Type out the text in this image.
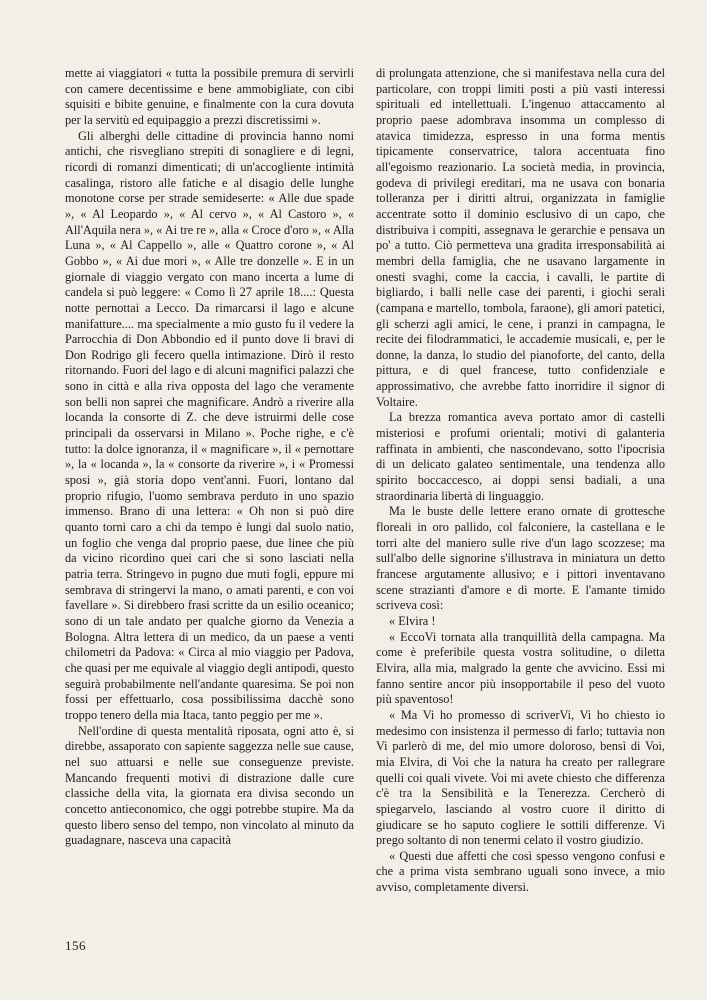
mette ai viaggiatori « tutta la possibile premura di servirli con camere decentissime e bene ammobigliate, con cibi squisiti e bibite genuine, e finalmente con la cura dovuta per la servitù ed equipaggio a prezzi discretissimi ».

Gli alberghi delle cittadine di provincia hanno nomi antichi, che risvegliano strepiti di sonagliere e di legni, ricordi di romanzi dimenticati; di un'accogliente intimità casalinga, ristoro alle fatiche e al disagio delle lunghe monotone corse per strade semideserte: « Alle due spade », « Al Leopardo », « Al cervo », « Al Castoro », « All'Aquila nera », « Ai tre re », alla « Croce d'oro », « Alla Luna », « Al Cappello », alle « Quattro corone », « Al Gobbo », « Ai due mori », « Alle tre donzelle ». E in un giornale di viaggio vergato con mano incerta a lume di candela si può leggere: « Como lì 27 aprile 18....: Questa notte pernottai a Lecco. Da rimarcarsi il lago e alcune manifatture.... ma specialmente a mio gusto fu il vedere la Parrocchia di Don Abbondio ed il punto dove li bravi di Don Rodrigo gli fecero quella intimazione. Dirò il resto ritornando. Fuori del lago e di alcuni magnifici palazzi che sono in città e alla riva opposta del lago che veramente son belli non saprei che magnificare. Andrò a riverire alla locanda la consorte di Z. che deve istruirmi delle cose principali da osservarsi in Milano ». Poche righe, e c'è tutto: la dolce ignoranza, il « magnificare », il « pernottare », la « locanda », la « consorte da riverire », i « Promessi sposi », già storia dopo vent'anni. Fuori, lontano dal proprio rifugio, l'uomo sembrava perduto in uno spazio immenso. Brano di una lettera: « Oh non si può dire quanto torni caro a chi da tempo è lungi dal suolo natio, un foglio che venga dal proprio paese, due linee che più da vicino ricordino quei cari che si sono lasciati nella patria terra. Stringevo in pugno due muti fogli, eppure mi sembrava di stringervi la mano, o amati parenti, e con voi favellare ». Si direbbero frasi scritte da un esilio oceanico; sono di un tale andato per qualche giorno da Venezia a Bologna. Altra lettera di un medico, da un paese a venti chilometri da Padova: « Circa al mio viaggio per Padova, che quasi per me equivale al viaggio degli antipodi, questo seguirà probabilmente nell'andante quaresima. Se poi non fossi per effettuarlo, cosa possibilissima dacchè sono troppo tenero della mia Itaca, tanto peggio per me ».

Nell'ordine di questa mentalità riposata, ogni atto è, si direbbe, assaporato con sapiente saggezza nelle sue cause, nel suo attuarsi e nelle sue conseguenze previste. Mancando frequenti motivi di distrazione dalle cure classiche della vita, la giornata era divisa secondo un concetto antieconomico, che oggi potrebbe stupire. Ma da questo libero senso del tempo, non vincolato al minuto da guadagnare, nasceva una capacità

di prolungata attenzione, che si manifestava nella cura del particolare, con troppi limiti posti a più vasti interessi spirituali ed intellettuali. L'ingenuo attaccamento al proprio paese adombrava insomma un complesso di atavica timidezza, espresso in una forma mentis tipicamente conservatrice, talora accentuata fino all'egoismo reazionario. La società media, in provincia, godeva di privilegi ereditari, ma ne usava con bonaria tolleranza per i diritti altrui, organizzata in famiglie accentrate sotto il dominio esclusivo di un capo, che distribuiva i compiti, assegnava le gerarchie e pensava un po' a tutto. Ciò permetteva una gradita irresponsabilità ai membri della famiglia, che ne usavano largamente in onesti svaghi, come la caccia, i cavalli, le partite di bigliardo, i balli nelle case dei parenti, i giochi serali (campana e martello, tombola, faraone), gli amori patetici, gli scherzi agli amici, le cene, i pranzi in campagna, le recite dei filodrammatici, le accademie musicali, e, per le donne, la danza, lo studio del pianoforte, del canto, della pittura, e di quel francese, tutto confidenziale e approssimativo, che avrebbe fatto inorridire il signor di Voltaire.

La brezza romantica aveva portato amor di castelli misteriosi e profumi orientali; motivi di galanteria raffinata in ambienti, che nascondevano, sotto l'ipocrisia di un delicato galateo sentimentale, una tendenza allo spirito boccaccesco, ai doppi sensi badiali, a una straordinaria libertà di linguaggio.

Ma le buste delle lettere erano ornate di grottesche floreali in oro pallido, col falconiere, la castellana e le torri alte del maniero sulle rive d'un lago scozzese; ma sull'albo delle signorine s'illustrava in miniatura un detto francese argutamente allusivo; e i pittori inventavano scene strazianti d'amore e di morte. E l'amante timido scriveva così:

« Elvira !

« EccoVi tornata alla tranquillità della campagna. Ma come è preferibile questa vostra solitudine, o diletta Elvira, alla mia, malgrado la gente che avvicino. Essi mi fanno sentire ancor più insopportabile il peso del vuoto più spaventoso!

« Ma Vi ho promesso di scriverVi, Vi ho chiesto io medesimo con insistenza il permesso di farlo; tuttavia non Vi parlerò di me, del mio umore doloroso, bensì di Voi, mia Elvira, di Voi che la natura ha creato per rallegrare quelli coi quali vivete. Voi mi avete chiesto che differenza c'è tra la Sensibilità e la Tenerezza. Cercherò di spiegarvelo, lasciando al vostro cuore il diritto di giudicare se ho saputo cogliere le sottili differenze. Vi prego soltanto di non tenermi celato il vostro giudizio.

« Questi due affetti che così spesso vengono confusi e che a prima vista sembrano uguali sono invece, a mio avviso, completamente diversi.

156
